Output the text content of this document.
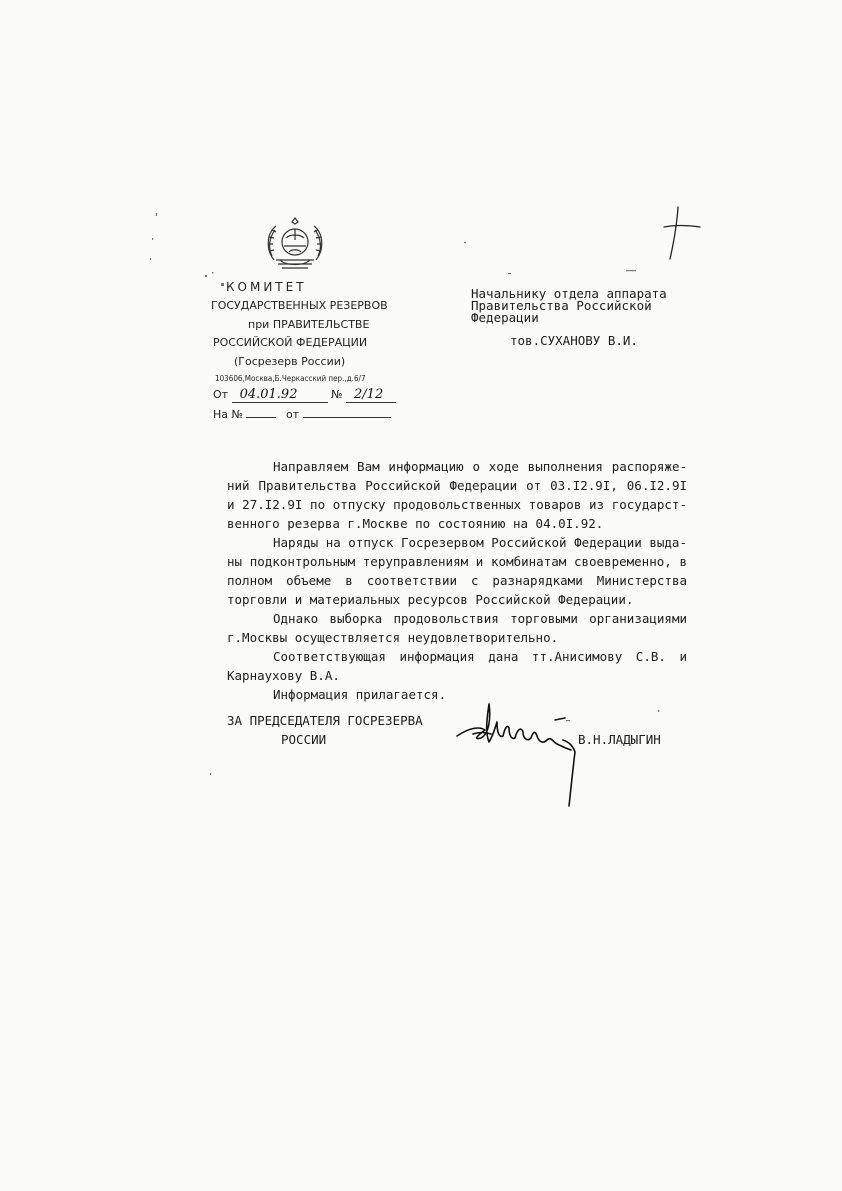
КОМИТЕТ
ГОСУДАРСТВЕННЫХ РЕЗЕРВОВ
при ПРАВИТЕЛЬСТВЕ
РОССИЙСКОЙ ФЕДЕРАЦИИ
(Госрезерв России)
103606,Москва,Б.Черкасский пер.,д.6/7
От 04.01.92	№ 2/12
На №	от
Начальнику отдела аппарата
Правительства Российской
Федерации
тов.СУХАНОВУ В.И.

Направляем Вам информацию о ходе выполнения распоряже-ний Правительства Российской Федерации от 03.I2.9I, 06.I2.9I и 27.I2.9I по отпуску продовольственных товаров из государст-венного резерва г.Москве по состоянию на 04.0I.92.

Наряды на отпуск Госрезервом Российской Федерации выда-ны подконтрольным теруправлениям и комбинатам своевременно, в полном объеме в соответствии с разнарядками Министерства торговли и материальных ресурсов Российской Федерации.

Однако выборка продовольствия торговыми организациями г.Москвы осуществляется неудовлетворительно.

Соответствующая информация дана тт.Анисимову С.В. и Карнаухову В.А.

Информация прилагается.

ЗА ПРЕДСЕДАТЕЛЯ ГОСРЕЗЕРВА
РОССИИ	В.Н.ЛАДЫГИН
